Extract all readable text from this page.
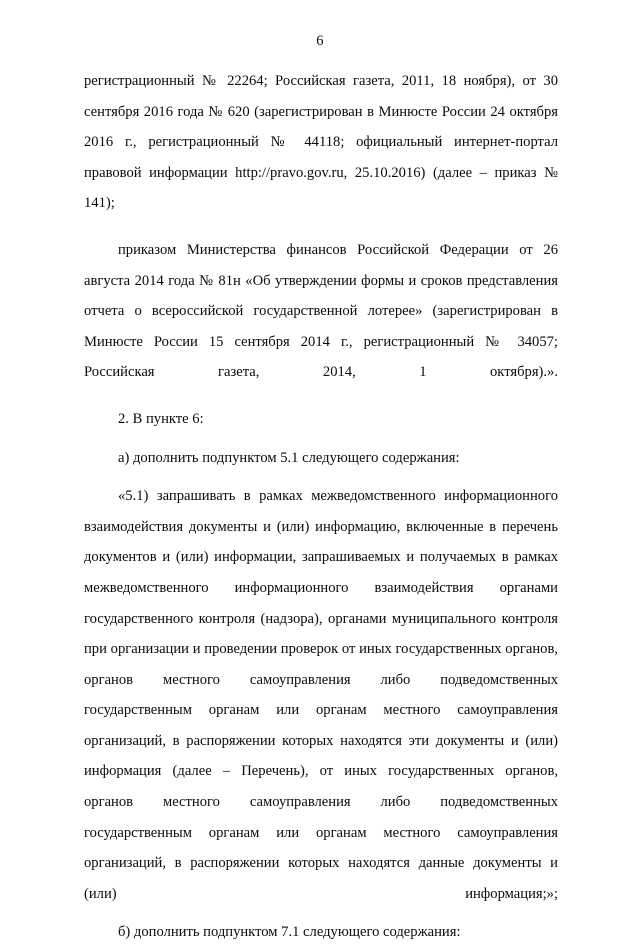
6

регистрационный № 22264; Российская газета, 2011, 18 ноября), от 30 сентября 2016 года № 620 (зарегистрирован в Минюсте России 24 октября 2016 г., регистрационный № 44118; официальный интернет-портал правовой информации http://pravo.gov.ru, 25.10.2016) (далее – приказ № 141);

приказом Министерства финансов Российской Федерации от 26 августа 2014 года № 81н «Об утверждении формы и сроков представления отчета о всероссийской государственной лотерее» (зарегистрирован в Минюсте России 15 сентября 2014 г., регистрационный № 34057; Российская газета, 2014, 1 октября).».

2. В пункте 6:

а) дополнить подпунктом 5.1 следующего содержания:

«5.1) запрашивать в рамках межведомственного информационного взаимодействия документы и (или) информацию, включенные в перечень документов и (или) информации, запрашиваемых и получаемых в рамках межведомственного информационного взаимодействия органами государственного контроля (надзора), органами муниципального контроля при организации и проведении проверок от иных государственных органов, органов местного самоуправления либо подведомственных государственным органам или органам местного самоуправления организаций, в распоряжении которых находятся эти документы и (или) информация (далее – Перечень), от иных государственных органов, органов местного самоуправления либо подведомственных государственным органам или органам местного самоуправления организаций, в распоряжении которых находятся данные документы и (или) информация;»;

б) дополнить подпунктом 7.1 следующего содержания:
